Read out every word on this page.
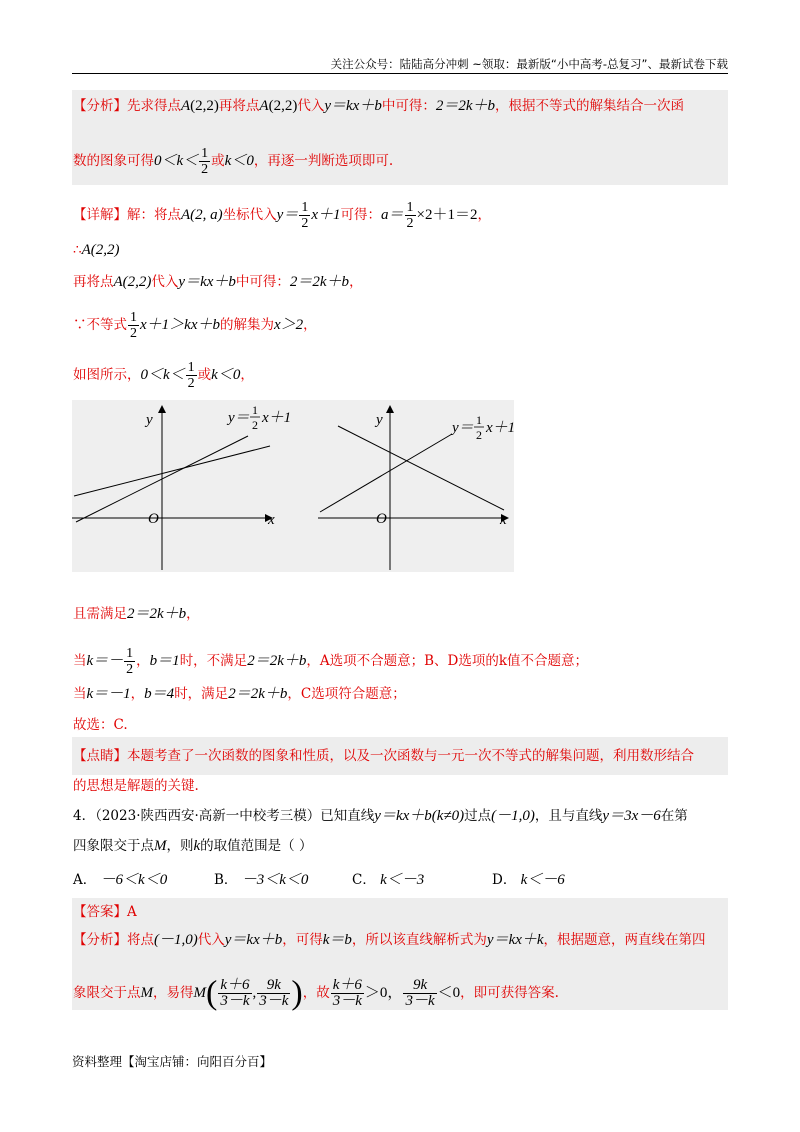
关注公众号：陆陆高分冲刺 ~领取：最新版“小中高考-总复习”、最新试卷下载
【分析】先求得点A(2,2)再将点A(2,2)代入y＝kx＋b中可得：2＝2k＋b，根据不等式的解集结合一次函
数的图象可得$0<k< \frac{1}{2}$ 或k＜0，再逐一判断选项即可.
【详解】解：将点A(2, a)坐标代入$y= \frac{1}{2} x+1$可得：$a= \frac{1}{2} \times 2+1=2$，
∴A(2,2)
再将点A(2,2)代入y＝kx＋b中可得：2＝2k＋b，
∵不等式 $\frac{1}{2} x+1>kx+b$的解集为x＞2，
如图所示，$0<k< \frac{1}{2}$ 或k＜0，
y
x
O
y＝ 1
2 x＋1	y
x
O
y＝ 1
2 x＋1
且需满足2＝2k＋b，
当$k=- \frac{1}{2}$ ，b＝1时，不满足2＝2k＋b，A选项不合题意；B、D选项的k值不合题意；
当k＝－1，b＝4时，满足2＝2k＋b，C选项符合题意；
故选：C.
【点睛】本题考查了一次函数的图象和性质，以及一次函数与一元一次不等式的解集问题，利用数形结合
的思想是解题的关键.
4．（2023·陕西西安·高新一中校考三模）已知直线y＝kx＋b(k≠0)过点(－1,0)，且与直线y＝3x－6在第
四象限交于点M，则k的取值范围是（ ）
A． －6＜k＜0	B． －3＜k＜0	C． k＜－3	D． k＜－6
【答案】A
【分析】将点(－1,0)代入y＝kx＋b，可得k＝b，所以该直线解析式为y＝kx＋k，根据题意，两直线在第四
象限交于点M，易得$M( \frac{k+6}{3-k}$ , $\frac{9k}{3-k}$ )，故 $\frac{k+6}{3-k} >0$， $\frac{9k}{3-k} <0$，即可获得答案.
资料整理【淘宝店铺：向阳百分百】
